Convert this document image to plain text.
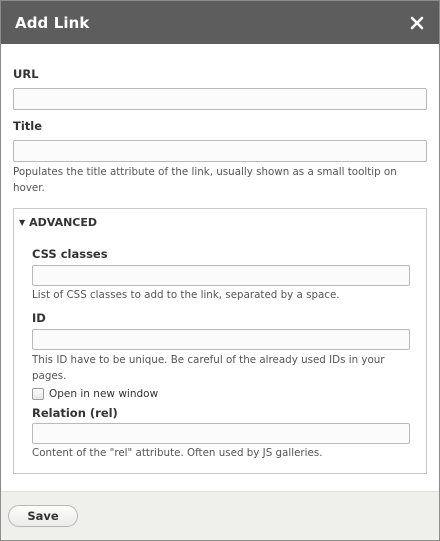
Add Link
URL
Title

Populates the title attribute of the link, usually shown as a small tooltip on hover.

▼ ADVANCED
CSS classes

List of CSS classes to add to the link, separated by a space.

ID

This ID have to be unique. Be careful of the already used IDs in your pages.

Open in new window
Relation (rel)

Content of the "rel" attribute. Often used by JS galleries.

Save
